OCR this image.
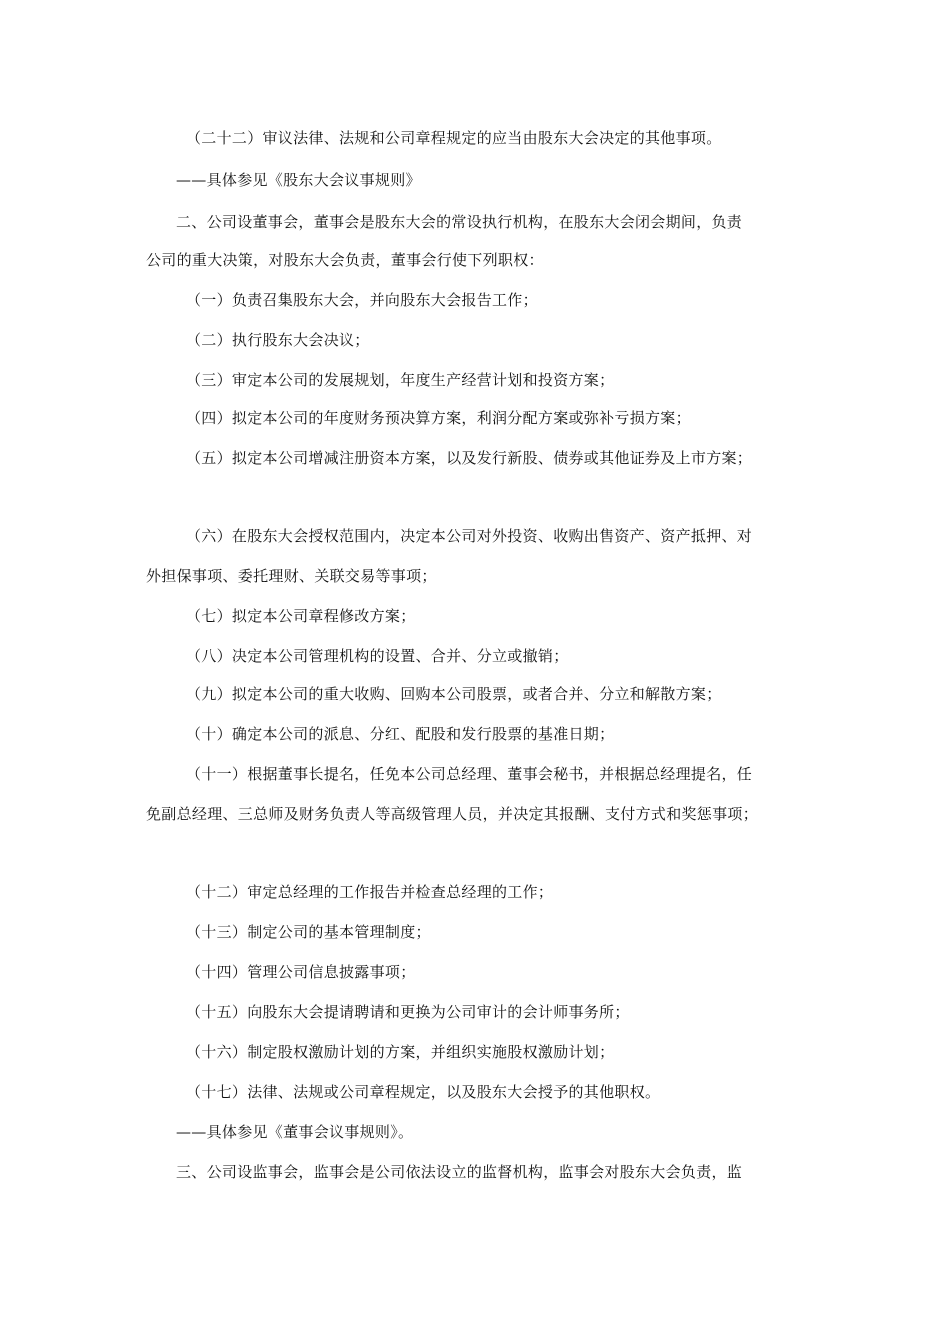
（二十二）审议法律、法规和公司章程规定的应当由股东大会决定的其他事项。
——具体参见《股东大会议事规则》
二、公司设董事会，董事会是股东大会的常设执行机构，在股东大会闭会期间，负责
公司的重大决策，对股东大会负责，董事会行使下列职权：
（一）负责召集股东大会，并向股东大会报告工作；
（二）执行股东大会决议；
（三）审定本公司的发展规划，年度生产经营计划和投资方案；
（四）拟定本公司的年度财务预决算方案，利润分配方案或弥补亏损方案；
（五）拟定本公司增减注册资本方案，以及发行新股、债券或其他证券及上市方案；
（六）在股东大会授权范围内，决定本公司对外投资、收购出售资产、资产抵押、对
外担保事项、委托理财、关联交易等事项；
（七）拟定本公司章程修改方案；
（八）决定本公司管理机构的设置、合并、分立或撤销；
（九）拟定本公司的重大收购、回购本公司股票，或者合并、分立和解散方案；
（十）确定本公司的派息、分红、配股和发行股票的基准日期；
（十一）根据董事长提名，任免本公司总经理、董事会秘书，并根据总经理提名，任
免副总经理、三总师及财务负责人等高级管理人员，并决定其报酬、支付方式和奖惩事项；
（十二）审定总经理的工作报告并检查总经理的工作；
（十三）制定公司的基本管理制度；
（十四）管理公司信息披露事项；
（十五）向股东大会提请聘请和更换为公司审计的会计师事务所；
（十六）制定股权激励计划的方案，并组织实施股权激励计划；
（十七）法律、法规或公司章程规定，以及股东大会授予的其他职权。
——具体参见《董事会议事规则》。
三、公司设监事会，监事会是公司依法设立的监督机构，监事会对股东大会负责，监
